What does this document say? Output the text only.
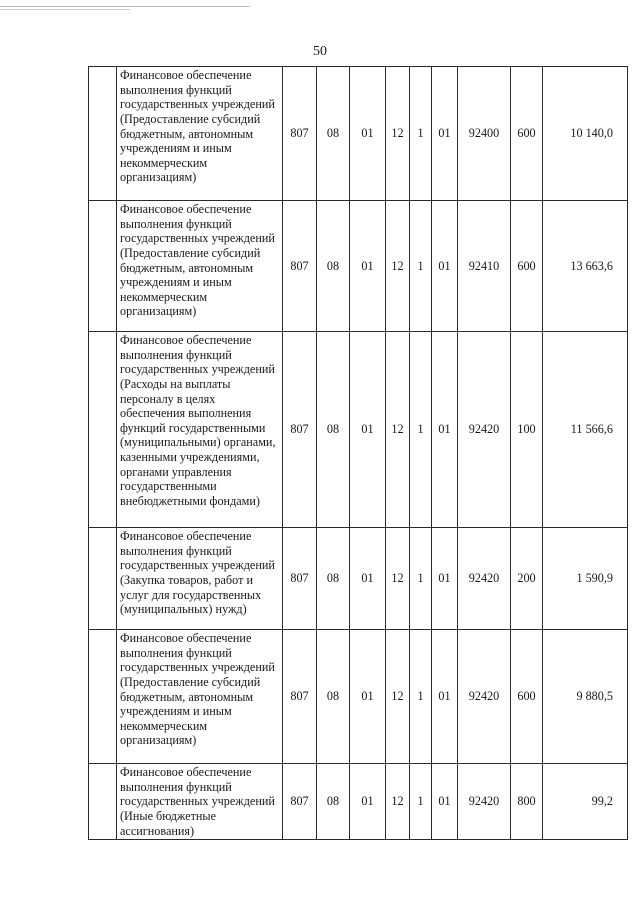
50
	Финансовое обеспечение выполнения функций государственных учреждений (Предоставление субсидий бюджетным, автономным учреждениям и иным некоммерческим организациям)	807	08	01	12	1	01	92400	600	10 140,0
	Финансовое обеспечение выполнения функций государственных учреждений (Предоставление субсидий бюджетным, автономным учреждениям и иным некоммерческим организациям)	807	08	01	12	1	01	92410	600	13 663,6
	Финансовое обеспечение выполнения функций государственных учреждений (Расходы на выплаты персоналу в целях обеспечения выполнения функций государственными (муниципальными) органами, казенными учреждениями, органами управления государственными внебюджетными фондами)	807	08	01	12	1	01	92420	100	11 566,6
	Финансовое обеспечение выполнения функций государственных учреждений (Закупка товаров, работ и услуг для государственных (муниципальных) нужд)	807	08	01	12	1	01	92420	200	1 590,9
	Финансовое обеспечение выполнения функций государственных учреждений (Предоставление субсидий бюджетным, автономным учреждениям и иным некоммерческим организациям)	807	08	01	12	1	01	92420	600	9 880,5
	Финансовое обеспечение выполнения функций государственных учреждений (Иные бюджетные ассигнования)	807	08	01	12	1	01	92420	800	99,2
